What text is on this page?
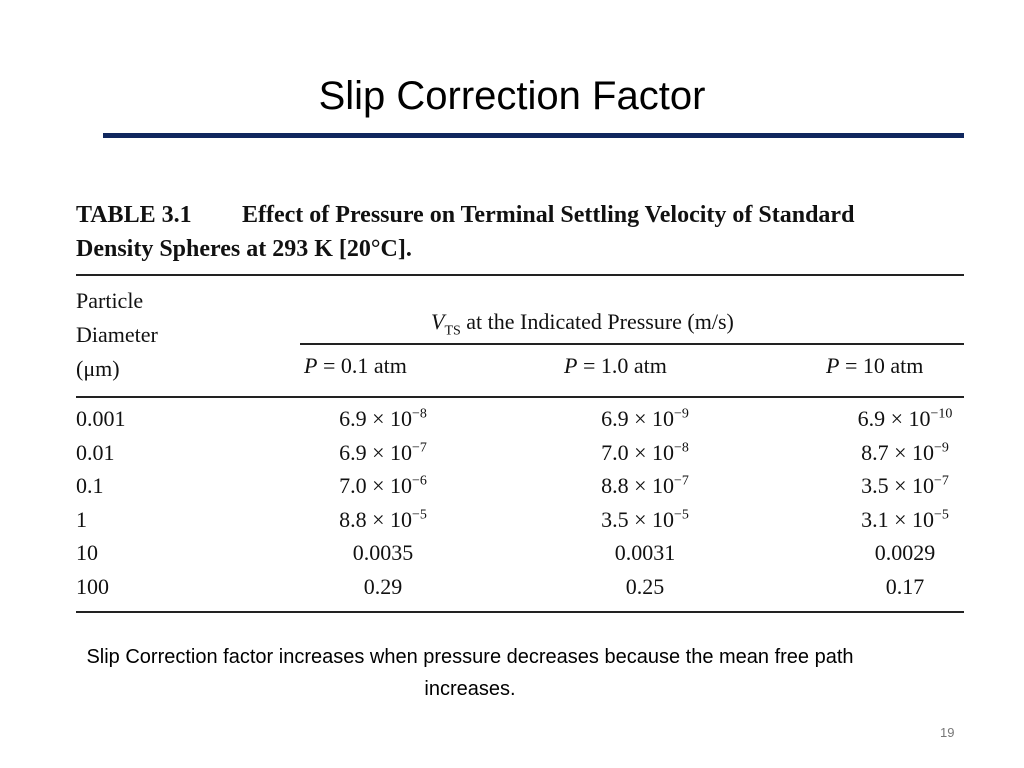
Slip Correction Factor
TABLE 3.1 Effect of Pressure on Terminal Settling Velocity of Standard
Density Spheres at 293 K [20°C].
Particle
Diameter
(μm)
$V_{TS}$ at the Indicated Pressure (m/s)
P = 0.1 atm	P = 1.0 atm	P = 10 atm
0.001	$6.9 \times 10^{-8}$	$6.9 \times 10^{-9}$	$6.9 \times 10^{-10}$
0.01	$6.9 \times 10^{-7}$	$7.0 \times 10^{-8}$	$8.7 \times 10^{-9}$
0.1	$7.0 \times 10^{-6}$	$8.8 \times 10^{-7}$	$3.5 \times 10^{-7}$
1	$8.8 \times 10^{-5}$	$3.5 \times 10^{-5}$	$3.1 \times 10^{-5}$
10	0.0035	0.0031	0.0029
100	0.29	0.25	0.17
Slip Correction factor increases when pressure decreases because the mean free path increases.
19
